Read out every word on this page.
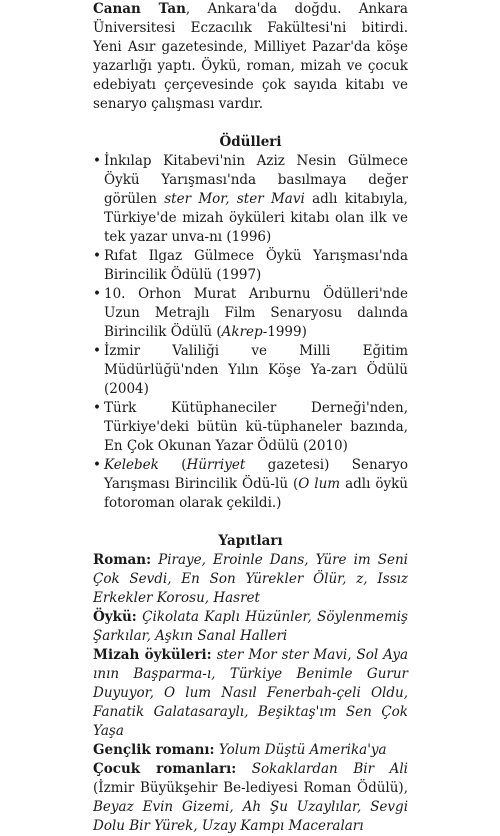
Canan Tan, Ankara'da doğdu. Ankara Üniversitesi Eczacılık Fakültesi'ni bitirdi. Yeni Asır gazetesinde, Milliyet Pazar'da köşe yazarlığı yaptı. Öykü, roman, mizah ve çocuk edebiyatı çerçevesinde çok sayıda kitabı ve senaryo çalışması vardır.

Ödülleri
• İnkılap Kitabevi'nin Aziz Nesin Gülmece Öykü Yarışması'nda basılmaya değer görülen ster Mor, ster Mavi adlı kitabıyla, Türkiye'de mizah öyküleri kitabı olan ilk ve tek yazar unva-nı (1996)
• Rıfat Ilgaz Gülmece Öykü Yarışması'nda Birincilik Ödülü (1997)
• 10. Orhon Murat Arıburnu Ödülleri'nde Uzun Metrajlı Film Senaryosu dalında Birincilik Ödülü (Akrep-1999)
• İzmir Valiliği ve Milli Eğitim Müdürlüğü'nden Yılın Köşe Ya-zarı Ödülü (2004)
• Türk Kütüphaneciler Derneği'nden, Türkiye'deki bütün kü-tüphaneler bazında, En Çok Okunan Yazar Ödülü (2010)
• Kelebek (Hürriyet gazetesi) Senaryo Yarışması Birincilik Ödü-lü (O lum adlı öykü fotoroman olarak çekildi.)
Yapıtları

Roman: Piraye, Eroinle Dans, Yüre im Seni Çok Sevdi, En Son Yürekler Ölür, z, Issız Erkekler Korosu, Hasret

Öykü: Çikolata Kaplı Hüzünler, Söylenmemiş Şarkılar, Aşkın Sanal Halleri

Mizah öyküleri: ster Mor ster Mavi, Sol Aya ının Başparma-ı, Türkiye Benimle Gurur Duyuyor, O lum Nasıl Fenerbah-çeli Oldu, Fanatik Galatasaraylı, Beşiktaş'ım Sen Çok Yaşa

Gençlik romanı: Yolum Düştü Amerika'ya

Çocuk romanları: Sokaklardan Bir Ali (İzmir Büyükşehir Be-lediyesi Roman Ödülü), Beyaz Evin Gizemi, Ah Şu Uzaylılar, Sevgi Dolu Bir Yürek, Uzay Kampı Maceraları
